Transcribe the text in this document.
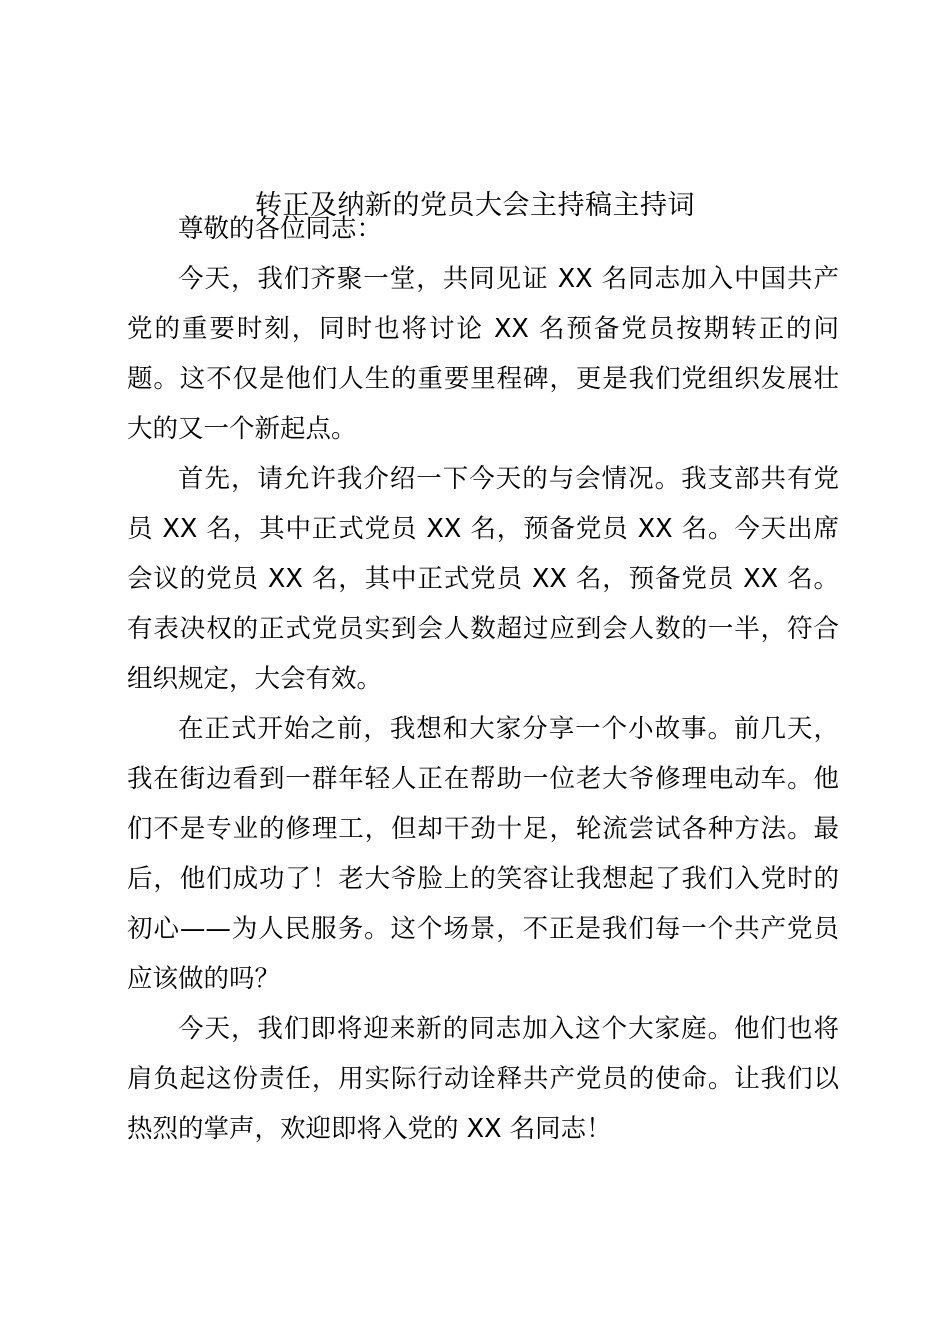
转正及纳新的党员大会主持稿主持词

尊敬的各位同志：

今天，我们齐聚一堂，共同见证 XX 名同志加入中国共产党的重要时刻，同时也将讨论 XX 名预备党员按期转正的问题。这不仅是他们人生的重要里程碑，更是我们党组织发展壮大的又一个新起点。

首先，请允许我介绍一下今天的与会情况。我支部共有党员 XX 名，其中正式党员 XX 名，预备党员 XX 名。今天出席会议的党员 XX 名，其中正式党员 XX 名，预备党员 XX 名。有表决权的正式党员实到会人数超过应到会人数的一半，符合组织规定，大会有效。

在正式开始之前，我想和大家分享一个小故事。前几天，我在街边看到一群年轻人正在帮助一位老大爷修理电动车。他们不是专业的修理工，但却干劲十足，轮流尝试各种方法。最后，他们成功了！老大爷脸上的笑容让我想起了我们入党时的初心——为人民服务。这个场景，不正是我们每一个共产党员应该做的吗？

今天，我们即将迎来新的同志加入这个大家庭。他们也将肩负起这份责任，用实际行动诠释共产党员的使命。让我们以热烈的掌声，欢迎即将入党的 XX 名同志！
